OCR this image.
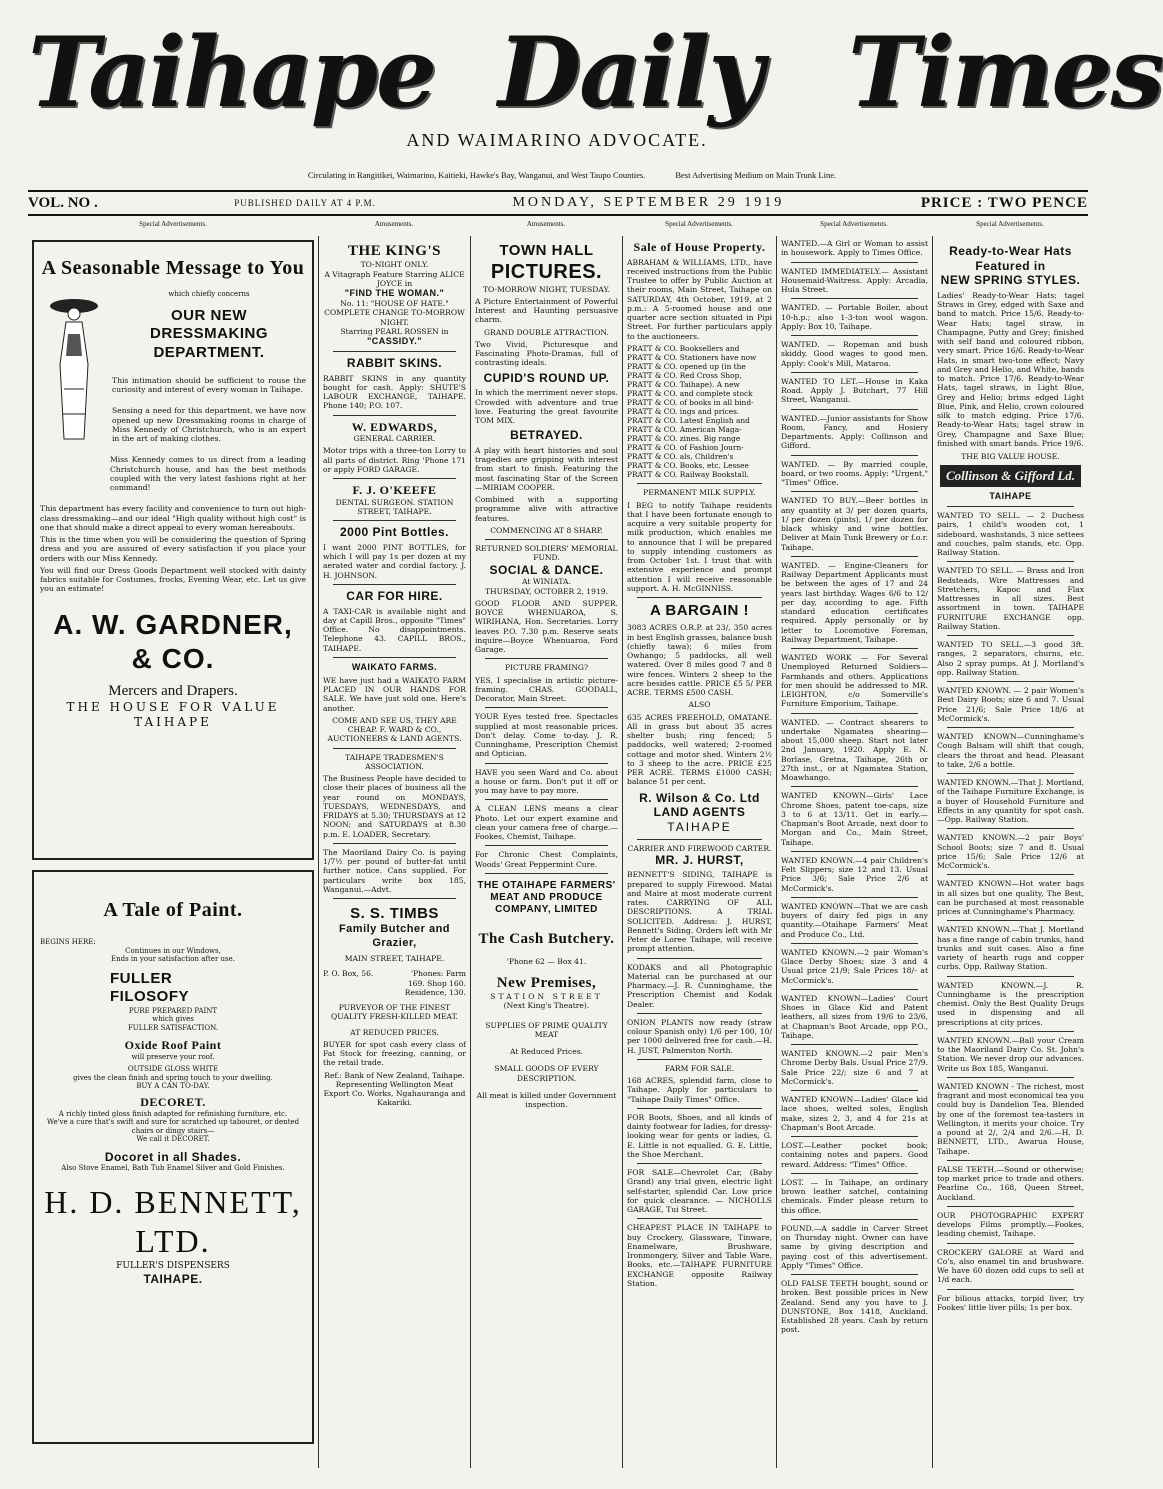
Taihape Daily Times
AND WAIMARINO ADVOCATE.
Circulating in Rangitikei, Waimarino, Kaitieki, Hawke's Bay, Wanganui, and West Taupo Counties.	Best Advertising Medium on Main Trunk Line.
VOL. NO .	PUBLISHED DAILY AT 4 P.M.	MONDAY, SEPTEMBER 29 1919	PRICE : TWO PENCE
Special Advertisements.	Amusements.	Amusements.	Special Advertisements.	Special Advertisements.	Special Advertisements.
A Seasonable Message to You
which chiefly concerns
OUR NEW DRESSMAKING
DEPARTMENT.
This intimation should be sufficient to rouse the curiosity and interest of every woman in Taihape.
Sensing a need for this department, we have now opened up new Dressmaking rooms in charge of Miss Kennedy of Christchurch, who is an expert in the art of making clothes.
Miss Kennedy comes to us direct from a leading Christchurch house, and has the best methods coupled with the very latest fashions right at her command!
This department has every facility and convenience to turn out high-class dressmaking—and our ideal "High quality without high cost" is one that should make a direct appeal to every woman hereabouts.
This is the time when you will be considering the question of Spring dress and you are assured of every satisfaction if you place your orders with our Miss Kennedy.
You will find our Dress Goods Department well stocked with dainty fabrics suitable for Costumes, frocks, Evening Wear, etc. Let us give you an estimate!
A. W. GARDNER, & CO.
Mercers and Drapers.
THE HOUSE FOR VALUE
TAIHAPE
A Tale of Paint.
BEGINS HERE:
Continues in our Windows,
Ends in your satisfaction after use.
FULLER
FILOSOFY
PURE PREPARED PAINT
which gives
FULLER SATISFACTION.
Oxide Roof Paint
will preserve your roof.
OUTSIDE GLOSS WHITE
gives the clean finish and spring touch to your dwelling.
BUY A CAN TO-DAY.
DECORET.
A richly tinted gloss finish adapted for refinishing furniture, etc.
We've a cure that's swift and sure for scratched up tabouret, or dented chairs or dingy stairs—
We call it DECORET.
Docoret in all Shades.
Also Stove Enamel, Bath Tub Enamel Silver and Gold Finishes.
H. D. BENNETT, LTD.
FULLER'S DISPENSERS
TAIHAPE.
THE KING'S
TO-NIGHT ONLY.
A Vitagraph Feature Starring ALICE JOYCE in
"FIND THE WOMAN."
No. 11: "HOUSE OF HATE."
COMPLETE CHANGE TO-MORROW NIGHT.
Starring PEARL ROSSEN in
"CASSIDY."
RABBIT SKINS.
RABBIT SKINS in any quantity bought for cash. Apply: SHUTE'S LABOUR EXCHANGE, TAIHAPE. Phone 140; P.O. 107.
W. EDWARDS,
GENERAL CARRIER.
Motor trips with a three-ton Lorry to all parts of district. Ring 'Phone 171 or apply FORD GARAGE.
F. J. O'KEEFE
DENTAL SURGEON. STATION STREET, TAIHAPE.
2000 Pint Bottles.
I want 2000 PINT BOTTLES, for which I will pay 1s per dozen at my aerated water and cordial factory. J. H. JOHNSON.
CAR FOR HIRE.
A TAXI-CAR is available night and day at Capill Bros., opposite "Times" Office. No disappointments. Telephone 43. CAPILL BROS., TAIHAPE.
WAIKATO FARMS.
WE have just had a WAIKATO FARM PLACED IN OUR HANDS FOR SALE. We have just sold one. Here's another.
COME AND SEE US, THEY ARE CHEAP. F. WARD & CO., AUCTIONEERS & LAND AGENTS.
TAIHAPE TRADESMEN'S ASSOCIATION.
The Business People have decided to close their places of business all the year round on MONDAYS, TUESDAYS, WEDNESDAYS, and FRIDAYS at 5.30; THURSDAYS at 12 NOON; and SATURDAYS at 8.30 p.m. E. LOADER, Secretary.
The Maoriland Dairy Co. is paying 1/7½ per pound of butter-fat until further notice. Cans supplied. For particulars write box 185, Wanganui.—Advt.
S. S. TIMBS
Family Butcher and Grazier,
MAIN STREET, TAIHAPE.
P. O. Box, 56.	'Phones: Farm 169. Shop 160. Residence, 130.
PURVEYOR OF THE FINEST QUALITY FRESH-KILLED MEAT.
AT REDUCED PRICES.
BUYER for spot cash every class of Fat Stock for freezing, canning, or the retail trade.
Ref.: Bank of New Zealand, Taihape. Representing Wellington Meat Export Co. Works, Ngahauranga and Kakariki.
TOWN HALL
PICTURES.
TO-MORROW NIGHT, TUESDAY.
A Picture Entertainment of Powerful Interest and Haunting persuasive charm.
GRAND DOUBLE ATTRACTION.
Two Vivid, Picturesque and Fascinating Photo-Dramas, full of contrasting ideals.
CUPID'S ROUND UP.
In which the merriment never stops. Crowded with adventure and true love. Featuring the great favourite TOM MIX.
BETRAYED.
A play with heart histories and soul tragedies are gripping with interest from start to finish. Featuring the most fascinating Star of the Screen—MIRIAM COOPER.
Combined with a supporting programme alive with attractive features.
COMMENCING AT 8 SHARP.
RETURNED SOLDIERS' MEMORIAL FUND.
SOCIAL & DANCE.
At WINIATA.
THURSDAY, OCTOBER 2, 1919.
GOOD FLOOR AND SUPPER. BOYCE WHENUAROA, S. WIRIHANA, Hon. Secretaries. Lorry leaves P.O. 7.30 p.m. Reserve seats inquire—Boyce Whenuaroa, Ford Garage.
PICTURE FRAMING?
YES, I specialise in artistic picture-framing. CHAS. GOODALL, Decorator, Main Street.
YOUR Eyes tested free. Spectacles supplied at most reasonable prices. Don't delay. Come to-day. J. R. Cunninghame, Prescription Chemist and Optician.
HAVE you seen Ward and Co. about a house or farm. Don't put it off or you may have to pay more.
A CLEAN LENS means a clear Photo. Let our expert examine and clean your camera free of charge.—Fookes, Chemist, Taihape.
For Chronic Chest Complaints, Woods' Great Peppermint Cure.
THE OTAIHAPE FARMERS'
MEAT AND PRODUCE
COMPANY, LIMITED
The Cash Butchery.
'Phone 62 — Box 41.
New Premises,
STATION STREET
(Next King's Theatre).
SUPPLIES OF PRIME QUALITY MEAT
At Reduced Prices.
SMALL GOODS OF EVERY DESCRIPTION.
All meat is killed under Government inspection.
Sale of House Property.
ABRAHAM & WILLIAMS, LTD., have received instructions from the Public Trustee to offer by Public Auction at their rooms, Main Street, Taihape on SATURDAY, 4th October, 1919, at 2 p.m.: A 5-roomed house and one quarter acre section situated in Pipi Street. For further particulars apply to the auctioneers.
PRATT & CO. Booksellers and
PRATT & CO. Stationers have now
PRATT & CO. opened up (in the
PRATT & CO. Red Cross Shop,
PRATT & CO. Taihape). A new
PRATT & CO. and complete stock
PRATT & CO. of books in all bind-
PRATT & CO. ings and prices.
PRATT & CO. Latest English and
PRATT & CO. American Maga-
PRATT & CO. zines. Big range
PRATT & CO. of Fashion Journ-
PRATT & CO. als, Children's
PRATT & CO. Books, etc. Lessee
PRATT & CO. Railway Bookstall.
PERMANENT MILK SUPPLY.
I BEG to notify Taihape residents that I have been fortunate enough to acquire a very suitable property for milk production, which enables me to announce that I will be prepared to supply intending customers as from October 1st. I trust that with extensive experience and prompt attention I will receive reasonable support. A. H. McGINNISS.
A BARGAIN !
3083 ACRES O.R.P. at 23/, 350 acres in best English grasses, balance bush (chiefly tawa); 6 miles from Owhango; 5 paddocks, all well watered. Over 8 miles good 7 and 8 wire fences. Winters 2 sheep to the acre besides cattle. PRICE £5 5/ PER ACRE. TERMS £500 CASH.
ALSO
635 ACRES FREEHOLD, OMATANE. All in grass but about 35 acres shelter bush; ring fenced; 5 paddocks, well watered; 2-roomed cottage and motor shed. Winters 2½ to 3 sheep to the acre. PRICE £25 PER ACRE. TERMS £1000 CASH; balance 51 per cent.
R. Wilson & Co. Ltd
LAND AGENTS
TAIHAPE
CARRIER AND FIREWOOD CARTER.
MR. J. HURST,
BENNETT'S SIDING, TAIHAPE is prepared to supply Firewood. Matai and Maire at most moderate current rates. CARRYING OF ALL DESCRIPTIONS. A TRIAL SOLICITED. Address: J. HURST, Bennett's Siding. Orders left with Mr Peter de Loree Taihape, will receive prompt attention.
KODAKS and all Photographic Material can be purchased at our Pharmacy.—J. R. Cunninghame, the Prescription Chemist and Kodak Dealer.
ONION PLANTS now ready (straw colour Spanish only) 1/6 per 100, 10/ per 1000 delivered free for cash.—H. H. JUST, Palmerston North.
FARM FOR SALE.
168 ACRES, splendid farm, close to Taihape. Apply for particulars to "Taihape Daily Times" Office.
FOR Boots, Shoes, and all kinds of dainty footwear for ladies, for dressy-looking wear for gents or ladies, G. E. Little is not equalled. G. E. Little, the Shoe Merchant.
FOR SALE—Chevrolet Car, (Baby Grand) any trial given, electric light self-starter, splendid Car. Low price for quick clearance. — NICHOLLS GARAGE, Tui Street.
CHEAPEST PLACE IN TAIHAPE to buy Crockery, Glassware, Tinware, Enamelware, Brushware, Ironmongery, Silver and Table Ware, Books, etc.—TAIHAPE FURNITURE EXCHANGE opposite Railway Station.
WANTED.—A Girl or Woman to assist in housework. Apply to Times Office.
WANTED IMMEDIATELY.— Assistant Housemaid-Waitress. Apply: Arcadia, Hula Street.
WANTED. — Portable Boiler, about 10-h.p.; also 1-3-ton wool wagon. Apply: Box 10, Taihape.
WANTED. — Ropeman and bush skiddy. Good wages to good men. Apply: Cook's Mill, Mataroa.
WANTED TO LET.—House in Kaka Road. Apply J. Butchart, 77 Hill Street, Wanganui.
WANTED.—Junior assistants for Show Room, Fancy, and Hosiery Departments. Apply: Collinson and Gifford.
WANTED. — By married couple, board, or two rooms. Apply: "Urgent," "Times" Office.
WANTED TO BUY.—Beer bottles in any quantity at 3/ per dozen quarts, 1/ per dozen (pints), 1/ per dozen for black whisky and wine bottles. Deliver at Main Tunk Brewery or f.o.r. Taihape.
WANTED. — Engine-Cleaners for Railway Department Applicants must be between the ages of 17 and 24 years last birthday. Wages 6/6 to 12/ per day, according to age. Fifth standard education certificates required. Apply personally or by letter to Locomotive Foreman, Railway Department, Taihape.
WANTED WORK — For Several Unemployed Returned Soldiers—Farmhands and others. Applications for men should be addressed to MR. LEIGHTON, c/o Somerville's Furniture Emporium, Taihape.
WANTED. — Contract shearers to undertake Ngamatea shearing—about 15,000 sheep. Start not later 2nd January, 1920. Apply E. N. Borlase, Gretna, Taihape, 26th or 27th inst., or at Ngamatea Station, Moawhango.
WANTED KNOWN—Girls' Lace Chrome Shoes, patent toe-caps, size 3 to 6 at 13/11. Get in early.—Chapman's Boot Arcade, next door to Morgan and Co., Main Street, Taihape.
WANTED KNOWN.—4 pair Children's Felt Slippers; size 12 and 13. Usual Price 3/6; Sale Price 2/6 at McCormick's.
WANTED KNOWN—That we are cash buyers of dairy fed pigs in any quantity.—Otaihape Farmers' Meat and Produce Co., Ltd.
WANTED KNOWN.—2 pair Woman's Glace Derby Shoes; size 3 and 4 Usual price 21/9; Sale Prices 18/- at McCormick's.
WANTED KNOWN—Ladies' Court Shoes in Glace Kid and Patent leathers, all sizes from 19/6 to 23/6, at Chapman's Boot Arcade, opp P.O., Taihape.
WANTED KNOWN.—2 pair Men's Chrome Derby Bals. Usual Price 27/9. Sale Price 22/; size 6 and 7 at McCormick's.
WANTED KNOWN—Ladies' Glace kid lace shoes, welted soles, English make, sizes 2, 3, and 4 for 21s at Chapman's Boot Arcade.
LOST.—Leather pocket book; containing notes and papers. Good reward. Address: "Times" Office.
LOST. — In Taihape, an ordinary brown leather satchel, containing chemicals. Finder please return to this office.
FOUND.—A saddle in Carver Street on Thursday night. Owner can have same by giving description and paying cost of this advertisement. Apply "Times" Office.
OLD FALSE TEETH bought, sound or broken. Best possible prices in New Zealand. Send any you have to J. DUNSTONE, Box 1418, Auckland. Established 28 years. Cash by return post.
Ready-to-Wear Hats
Featured in
NEW SPRING STYLES.
Ladies' Ready-to-Wear Hats; tagel Straws in Grey, edged with Saxe and band to match. Price 15/6. Ready-to-Wear Hats; tagel straw, in Champagne, Putty and Grey; finished with self band and coloured ribbon, very smart. Price 16/6. Ready-to-Wear Hats, in smart two-tone effect; Navy and Grey and Helio, and White, bands to match. Price 17/6. Ready-to-Wear Hats, tagel straws, in Light Blue, Grey and Helio; brims edged Light Blue, Pink, and Helio, crown coloured silk to match edging. Price 17/6. Ready-to-Wear Hats; tagel straw in Grey, Champagne and Saxe Blue; finished with smart bands. Price 19/6.
THE BIG VALUE HOUSE.
Collinson & Gifford Ld.
TAIHAPE
WANTED TO SELL. — 2 Duchess pairs, 1 child's wooden cot, 1 sideboard, washstands, 3 nice settees and couches, palm stands, etc. Opp. Railway Station.
WANTED TO SELL. — Brass and Iron Bedsteads, Wire Mattresses and Stretchers, Kapoc and Flax Mattresses in all sizes. Best assortment in town. TAIHAPE FURNITURE EXCHANGE opp. Railway Station.
WANTED TO SELL.—3 good 3ft. ranges, 2 separators, churns, etc. Also 2 spray pumps. At J. Mortland's opp. Railway Station.
WANTED KNOWN. — 2 pair Women's Best Dairy Boots; size 6 and 7. Usual Price 21/6; Sale Price 18/6 at McCormick's.
WANTED KNOWN—Cunninghame's Cough Balsam will shift that cough, clears the throat and head. Pleasant to take, 2/6 a bottle.
WANTED KNOWN.—That J. Mortland, of the Taihape Furniture Exchange, is a buyer of Household Furniture and Effects in any quantity for spot cash.—Opp. Railway Station.
WANTED KNOWN.—2 pair Boys' School Boots; size 7 and 8. Usual price 15/6; Sale Price 12/6 at McCormick's.
WANTED KNOWN—Hot water bags in all sizes but one quality, The Best, can be purchased at most reasonable prices at Cunninghame's Pharmacy.
WANTED KNOWN.—That J. Mortland has a fine range of cabin trunks, hand trunks and suit cases. Also a fine variety of hearth rugs and copper curbs. Opp. Railway Station.
WANTED KNOWN.—J. R. Cunninghame is the prescription chemist. Only the Best Quality Drugs used in dispensing and all prescriptions at city prices.
WANTED KNOWN.—Ball your Cream to the Maoriland Dairy Co. St. John's Station. We never drop our advances. Write us Box 185, Wanganui.
WANTED KNOWN - The richest, most fragrant and most economical tea you could buy is Dandelion Tea. Blended by one of the foremost tea-tasters in Wellington, it merits your choice. Try a pound at 2/, 2/4 and 2/6.—H. D. BENNETT, LTD., Awarua House, Taihape.
FALSE TEETH.—Sound or otherwise; top market price to trade and others. Pearline Co., 168, Queen Street, Auckland.
OUR PHOTOGRAPHIC EXPERT develops Films promptly.—Fookes, leading chemist, Taihape.
CROCKERY GALORE at Ward and Co's, also enamel tin and brushware. We have 60 dozen odd cups to sell at 1/d each.
For bilious attacks, torpid liver, try Fookes' little liver pills; 1s per box.
